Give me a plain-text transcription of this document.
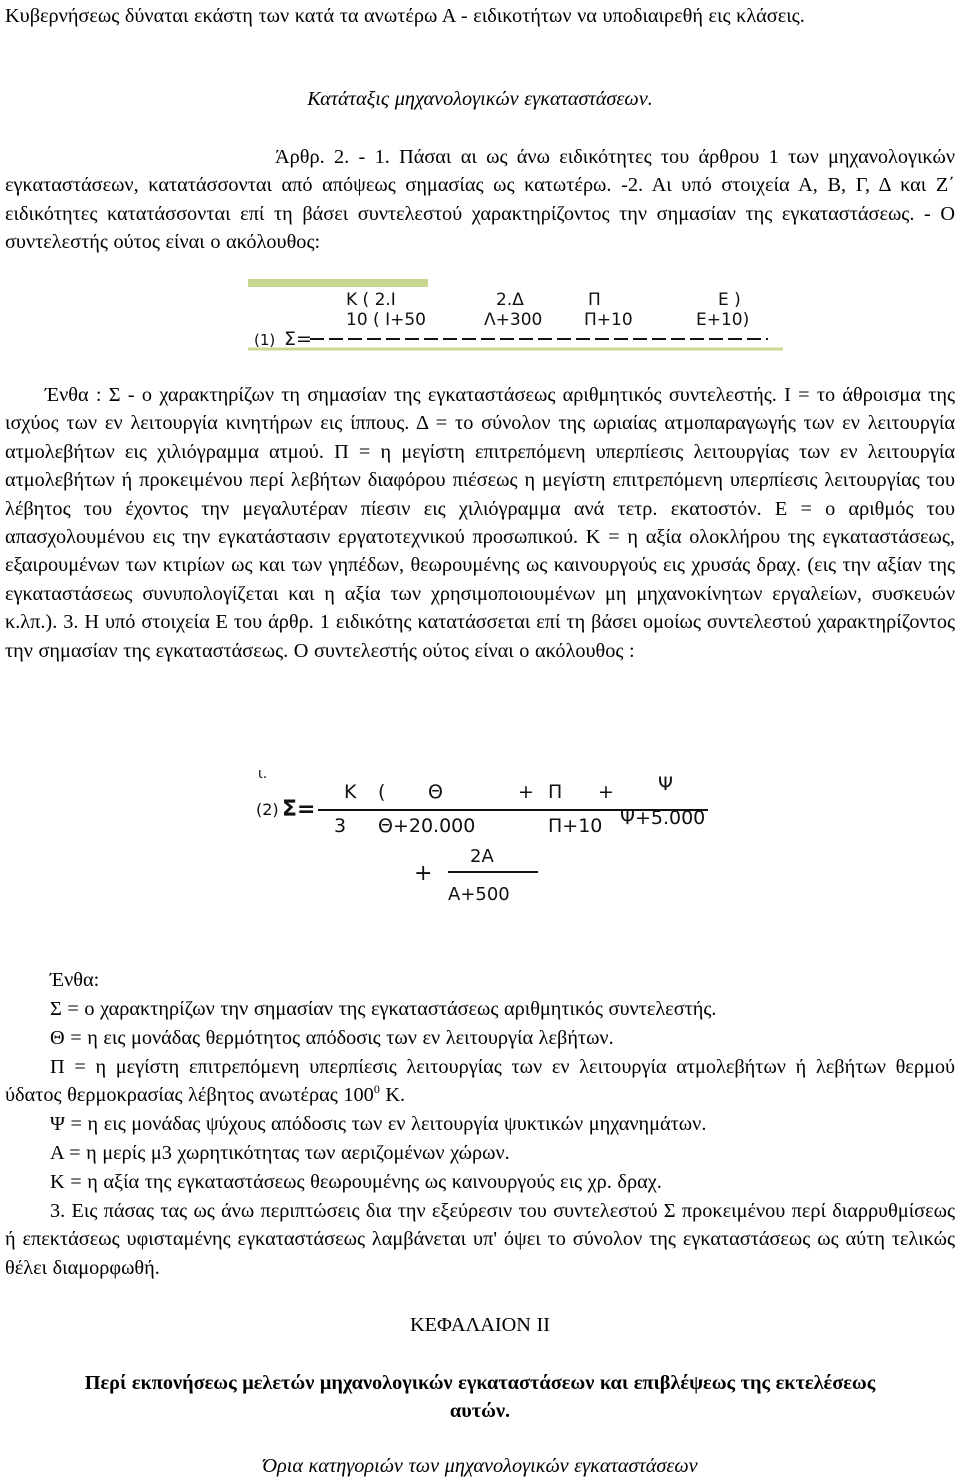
Κυβερνήσεως δύναται εκάστη των κατά τα ανωτέρω Α - ειδικοτήτων να υποδιαιρεθή εις κλάσεις.

Κατάταξις μηχανολογικών εγκαταστάσεων.

Άρθρ. 2. - 1. Πάσαι αι ως άνω ειδικότητες του άρθρου 1 των μηχανολογικών εγκαταστάσεων, κατατάσσονται από απόψεως σημασίας ως κατωτέρω. -2. Αι υπό στοιχεία Α, Β, Γ, Δ και Ζ΄ ειδικότητες κατατάσσονται επί τη βάσει συντελεστού χαρακτηρίζοντος την σημασίαν της εγκαταστάσεως. - Ο συντελεστής ούτος είναι ο ακόλουθος:

Ένθα : Σ - ο χαρακτηρίζων τη σημασίαν της εγκαταστάσεως αριθμητικός συντελεστής. Ι = το άθροισμα της ισχύος των εν λειτουργία κινητήρων εις ίππους. Δ = το σύνολον της ωριαίας ατμοπαραγωγής των εν λειτουργία ατμολεβήτων εις χιλιόγραμμα ατμού. Π = η μεγίστη επιτρεπόμενη υπερπίεσις λειτουργίας των εν λειτουργία ατμολεβήτων ή προκειμένου περί λεβήτων διαφόρου πιέσεως η μεγίστη επιτρεπόμενη υπερπίεσις λειτουργίας του λέβητος του έχοντος την μεγαλυτέραν πίεσιν εις χιλιόγραμμα ανά τετρ. εκατοστόν. Ε = ο αριθμός του απασχολουμένου εις την εγκατάστασιν εργατοτεχνικού προσωπικού. Κ = η αξία ολοκλήρου της εγκαταστάσεως, εξαιρουμένων των κτιρίων ως και των γηπέδων, θεωρουμένης ως καινουργούς εις χρυσάς δραχ. (εις την αξίαν της εγκαταστάσεως συνυπολογίζεται και η αξία των χρησιμοποιουμένων μη μηχανοκίνητων εργαλείων, συσκευών κ.λπ.). 3. Η υπό στοιχεία Ε του άρθρ. 1 ειδικότης κατατάσσεται επί τη βάσει ομοίως συντελεστού χαρακτηρίζοντος την σημασίαν της εγκαταστάσεως. Ο συντελεστής ούτος είναι ο ακόλουθος :

Ένθα:

Σ = ο χαρακτηρίζων την σημασίαν της εγκαταστάσεως αριθμητικός συντελεστής.

Θ = η εις μονάδας θερμότητος απόδοσις των εν λειτουργία λεβήτων.

Π = η μεγίστη επιτρεπόμενη υπερπίεσις λειτουργίας των εν λειτουργία ατμολεβήτων ή λεβήτων θερμού ύδατος θερμοκρασίας λέβητος ανωτέρας $100^0$ Κ.

Ψ = η εις μονάδας ψύχους απόδοσις των εν λειτουργία ψυκτικών μηχανημάτων.

Α = η μερίς μ3 χωρητικότητας των αεριζομένων χώρων.

Κ = η αξία της εγκαταστάσεως θεωρουμένης ως καινουργούς εις χρ. δραχ.

3. Εις πάσας τας ως άνω περιπτώσεις δια την εξεύρεσιν του συντελεστού Σ προκειμένου περί διαρρυθμίσεως ή επεκτάσεως υφισταμένης εγκαταστάσεως λαμβάνεται υπ' όψει το σύνολον της εγκαταστάσεως ως αύτη τελικώς θέλει διαμορφωθή.

ΚΕΦΑΛΑΙΟΝ ΙΙ

Περί εκπονήσεως μελετών μηχανολογικών εγκαταστάσεων και επιβλέψεως της εκτελέσεως αυτών.

Όρια κατηγοριών των μηχανολογικών εγκαταστάσεων

Κ ( 2.Ι	2.Δ	Π	Ε )
10 ( Ι+50	Λ+300 Π+10	Ε+10)
(1) Σ=
ι.
(2) Σ=
Κ ( Θ	+ Π + Ψ
3 Θ+20.000	Π+10 Ψ+5.000
2Α
+
Α+500
